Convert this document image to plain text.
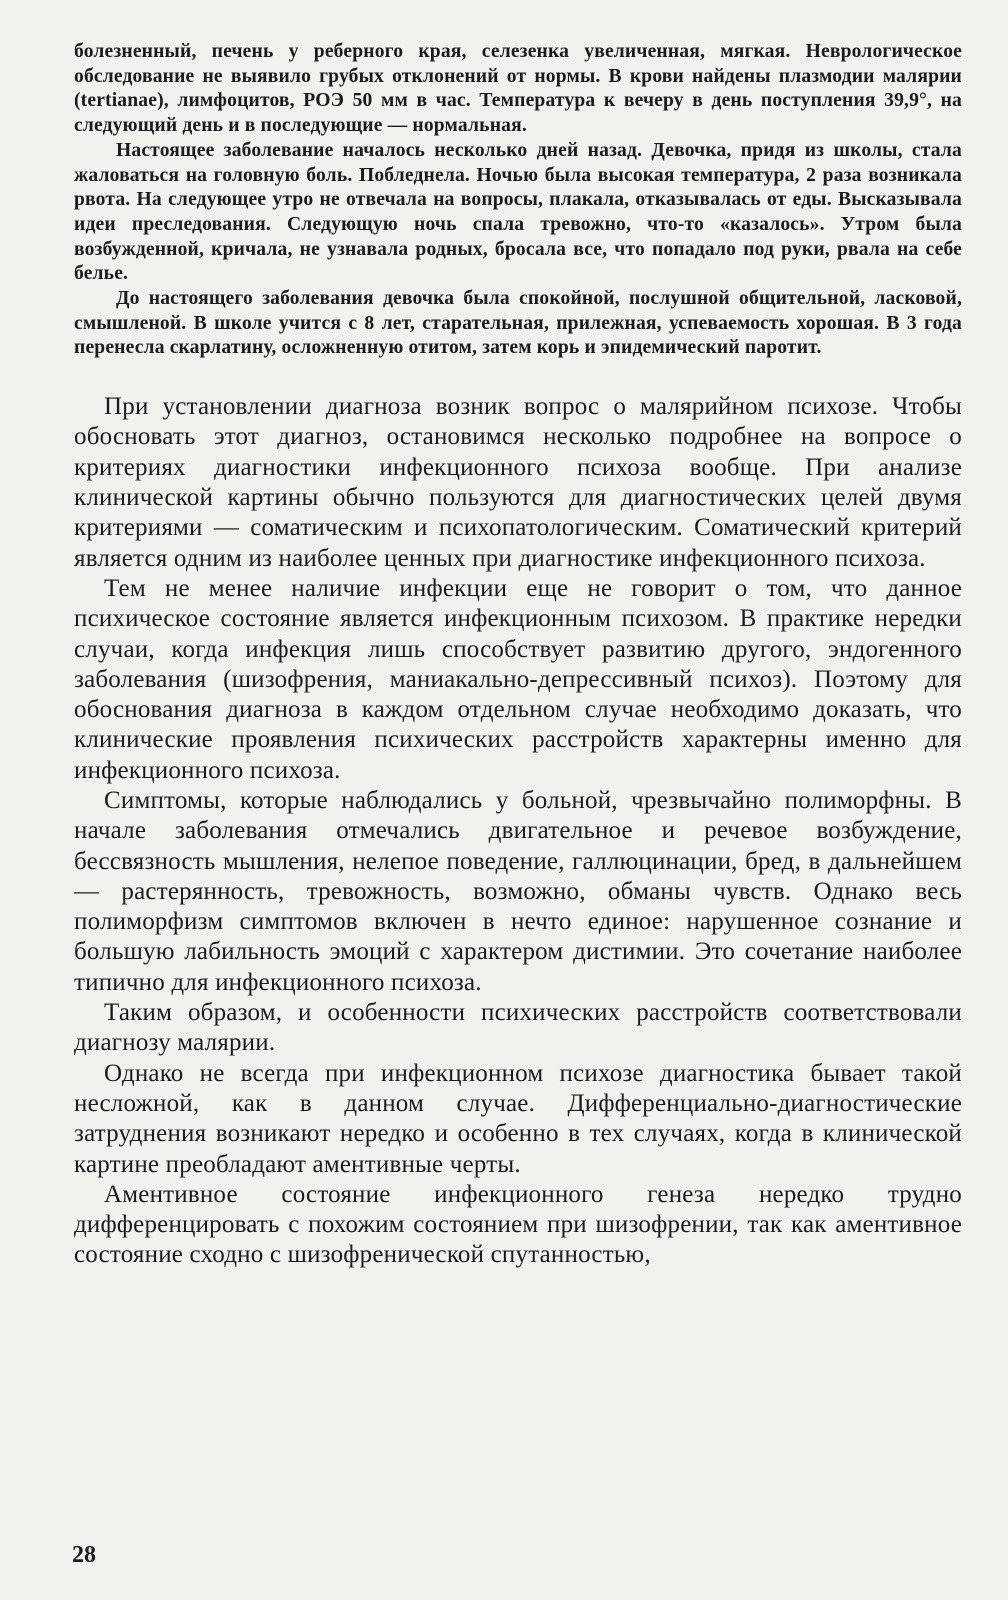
болезненный, печень у реберного края, селезенка увеличенная, мягкая. Неврологическое обследование не выявило грубых отклонений от нормы. В крови найдены плазмодии малярии (tertianae), лимфоцитов, РОЭ 50 мм в час. Температура к вечеру в день поступления 39,9°, на следующий день и в последующие — нормальная.

Настоящее заболевание началось несколько дней назад. Девочка, придя из школы, стала жаловаться на головную боль. Побледнела. Ночью была высокая температура, 2 раза возникала рвота. На следующее утро не отвечала на вопросы, плакала, отказывалась от еды. Высказывала идеи преследования. Следующую ночь спала тревожно, что-то «казалось». Утром была возбужденной, кричала, не узнавала родных, бросала все, что попадало под руки, рвала на себе белье.

До настоящего заболевания девочка была спокойной, послушной общительной, ласковой, смышленой. В школе учится с 8 лет, старательная, прилежная, успеваемость хорошая. В 3 года перенесла скарлатину, осложненную отитом, затем корь и эпидемический паротит.

При установлении диагноза возник вопрос о малярийном психозе. Чтобы обосновать этот диагноз, остановимся несколько подробнее на вопросе о критериях диагностики инфекционного психоза вообще. При анализе клинической картины обычно пользуются для диагностических целей двумя критериями — соматическим и психопатологическим. Соматический критерий является одним из наиболее ценных при диагностике инфекционного психоза.

Тем не менее наличие инфекции еще не говорит о том, что данное психическое состояние является инфекционным психозом. В практике нередки случаи, когда инфекция лишь способствует развитию другого, эндогенного заболевания (шизофрения, маниакально-депрессивный психоз). Поэтому для обоснования диагноза в каждом отдельном случае необходимо доказать, что клинические проявления психических расстройств характерны именно для инфекционного психоза.

Симптомы, которые наблюдались у больной, чрезвычайно полиморфны. В начале заболевания отмечались двигательное и речевое возбуждение, бессвязность мышления, нелепое поведение, галлюцинации, бред, в дальнейшем — растерянность, тревожность, возможно, обманы чувств. Однако весь полиморфизм симптомов включен в нечто единое: нарушенное сознание и большую лабильность эмоций с характером дистимии. Это сочетание наиболее типично для инфекционного психоза.

Таким образом, и особенности психических расстройств соответствовали диагнозу малярии.

Однако не всегда при инфекционном психозе диагностика бывает такой несложной, как в данном случае. Дифференциально-диагностические затруднения возникают нередко и особенно в тех случаях, когда в клинической картине преобладают аментивные черты.

Аментивное состояние инфекционного генеза нередко трудно дифференцировать с похожим состоянием при шизофрении, так как аментивное состояние сходно с шизофренической спутанностью,

28
